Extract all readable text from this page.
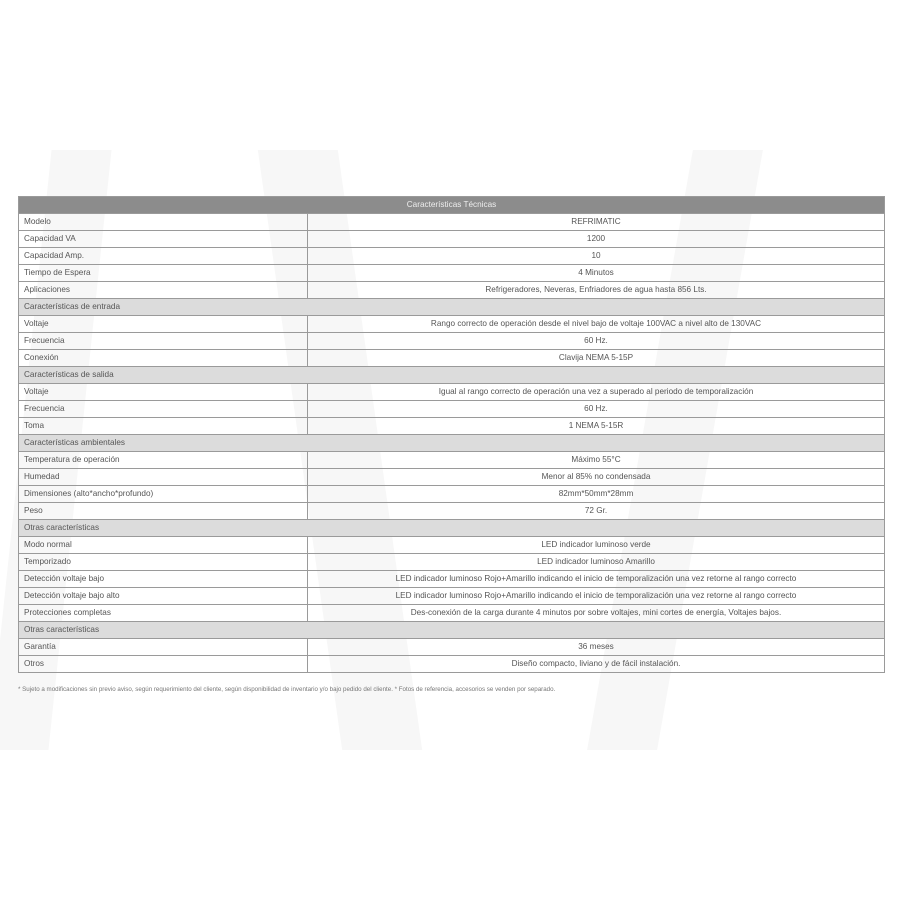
Características Técnicas	
Modelo	REFRIMATIC
Capacidad VA	1200
Capacidad Amp.	10
Tiempo de Espera	4 Minutos
Aplicaciones	Refrigeradores, Neveras, Enfriadores de agua hasta 856 Lts.
Características de entrada	
Voltaje	Rango correcto de operación desde el nivel bajo de voltaje 100VAC a nivel alto de 130VAC
Frecuencia	60 Hz.
Conexión	Clavija NEMA 5-15P
Características de salida	
Voltaje	Igual al rango correcto de operación una vez a superado al periodo de temporalización
Frecuencia	60 Hz.
Toma	1 NEMA 5-15R
Características ambientales	
Temperatura de operación	Máximo 55°C
Humedad	Menor al 85% no condensada
Dimensiones (alto*ancho*profundo)	82mm*50mm*28mm
Peso	72 Gr.
Otras características	
Modo normal	LED indicador luminoso verde
Temporizado	LED indicador luminoso Amarillo
Detección voltaje bajo	LED indicador luminoso Rojo+Amarillo indicando el inicio de temporalización una vez retorne al rango correcto
Detección voltaje bajo alto	LED indicador luminoso Rojo+Amarillo indicando el inicio de temporalización una vez retorne al rango correcto
Protecciones completas	Des-conexión de la carga durante 4 minutos por sobre voltajes, mini cortes de energía, Voltajes bajos.
Otras características	
Garantía	36 meses
Otros	Diseño compacto, liviano y de fácil instalación.
* Sujeto a modificaciones sin previo aviso, según requerimiento del cliente, según disponibilidad de inventario y/o bajo pedido del cliente. * Fotos de referencia, accesorios se venden por separado.
